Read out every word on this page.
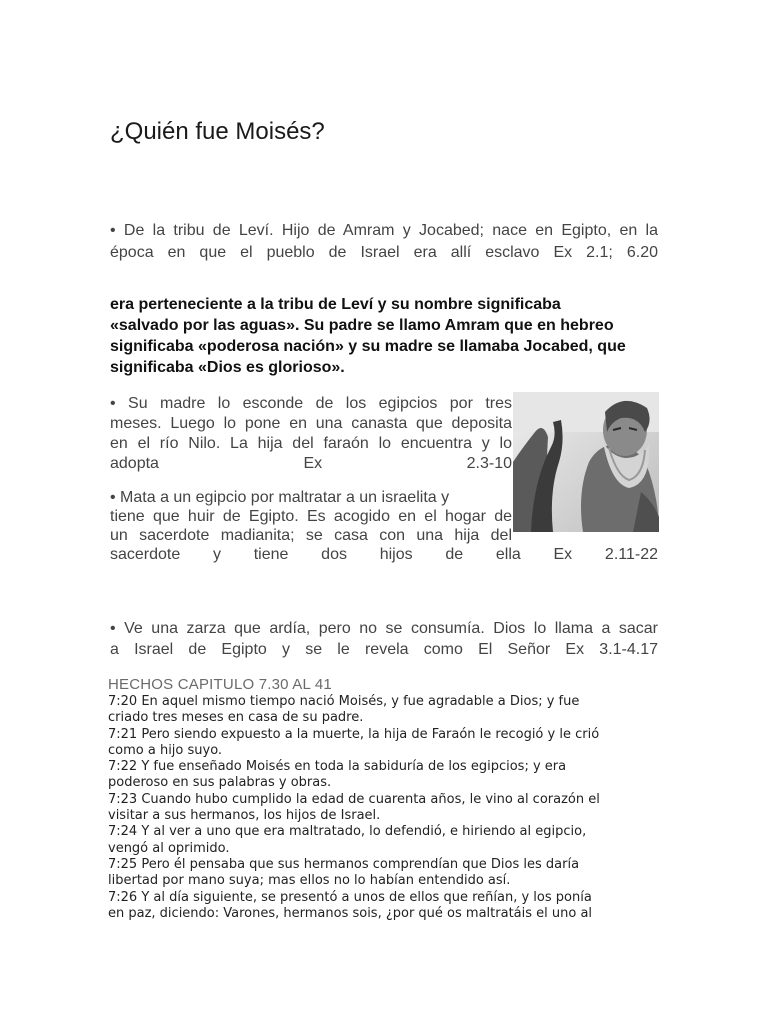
¿Quién fue Moisés?
• De la tribu de Leví. Hijo de Amram y Jocabed; nace en Egipto, en la
época en que el pueblo de Israel era allí esclavo Ex 2.1; 6.20
era perteneciente a la tribu de Leví y su nombre significaba
«salvado por las aguas». Su padre se llamo Amram que en hebreo
significaba «poderosa nación» y su madre se llamaba Jocabed, que
significaba «Dios es glorioso».
• Su madre lo esconde de los egipcios por tres
meses. Luego lo pone en una canasta que deposita
en el río Nilo. La hija del faraón lo encuentra y lo
adopta Ex 2.3-10
• Mata a un egipcio por maltratar a un israelita y
tiene que huir de Egipto. Es acogido en el hogar de
un sacerdote madianita; se casa con una hija del
sacerdote y tiene dos hijos de ella Ex 2.11-22
• Ve una zarza que ardía, pero no se consumía. Dios lo llama a sacar
a Israel de Egipto y se le revela como El Señor Ex 3.1-4.17
HECHOS CAPITULO 7.30 AL 41
7:20 En aquel mismo tiempo nació Moisés, y fue agradable a Dios; y fue
criado tres meses en casa de su padre.
7:21 Pero siendo expuesto a la muerte, la hija de Faraón le recogió y le crió
como a hijo suyo.
7:22 Y fue enseñado Moisés en toda la sabiduría de los egipcios; y era
poderoso en sus palabras y obras.
7:23 Cuando hubo cumplido la edad de cuarenta años, le vino al corazón el
visitar a sus hermanos, los hijos de Israel.
7:24 Y al ver a uno que era maltratado, lo defendió, e hiriendo al egipcio,
vengó al oprimido.
7:25 Pero él pensaba que sus hermanos comprendían que Dios les daría
libertad por mano suya; mas ellos no lo habían entendido así.
7:26 Y al día siguiente, se presentó a unos de ellos que reñían, y los ponía
en paz, diciendo: Varones, hermanos sois, ¿por qué os maltratáis el uno al
